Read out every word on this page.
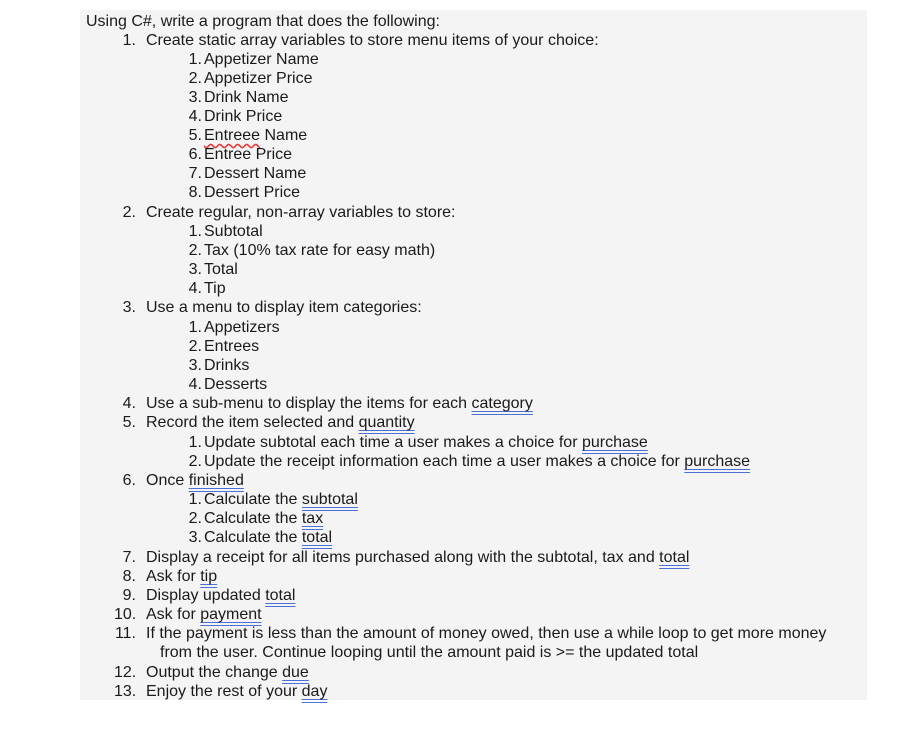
Using C#, write a program that does the following:
1. Create static array variables to store menu items of your choice:
1. Appetizer Name
2. Appetizer Price
3. Drink Name
4. Drink Price
5. Entreee Name
6. Entree Price
7. Dessert Name
8. Dessert Price
2. Create regular, non-array variables to store:
1. Subtotal
2. Tax (10% tax rate for easy math)
3. Total
4. Tip
3. Use a menu to display item categories:
1. Appetizers
2. Entrees
3. Drinks
4. Desserts
4. Use a sub-menu to display the items for each category
5. Record the item selected and quantity
1. Update subtotal each time a user makes a choice for purchase
2. Update the receipt information each time a user makes a choice for purchase
6. Once finished
1. Calculate the subtotal
2. Calculate the tax
3. Calculate the total
7. Display a receipt for all items purchased along with the subtotal, tax and total
8. Ask for tip
9. Display updated total
10. Ask for payment
11. If the payment is less than the amount of money owed, then use a while loop to get more money
from the user. Continue looping until the amount paid is >= the updated total
12. Output the change due
13. Enjoy the rest of your day
